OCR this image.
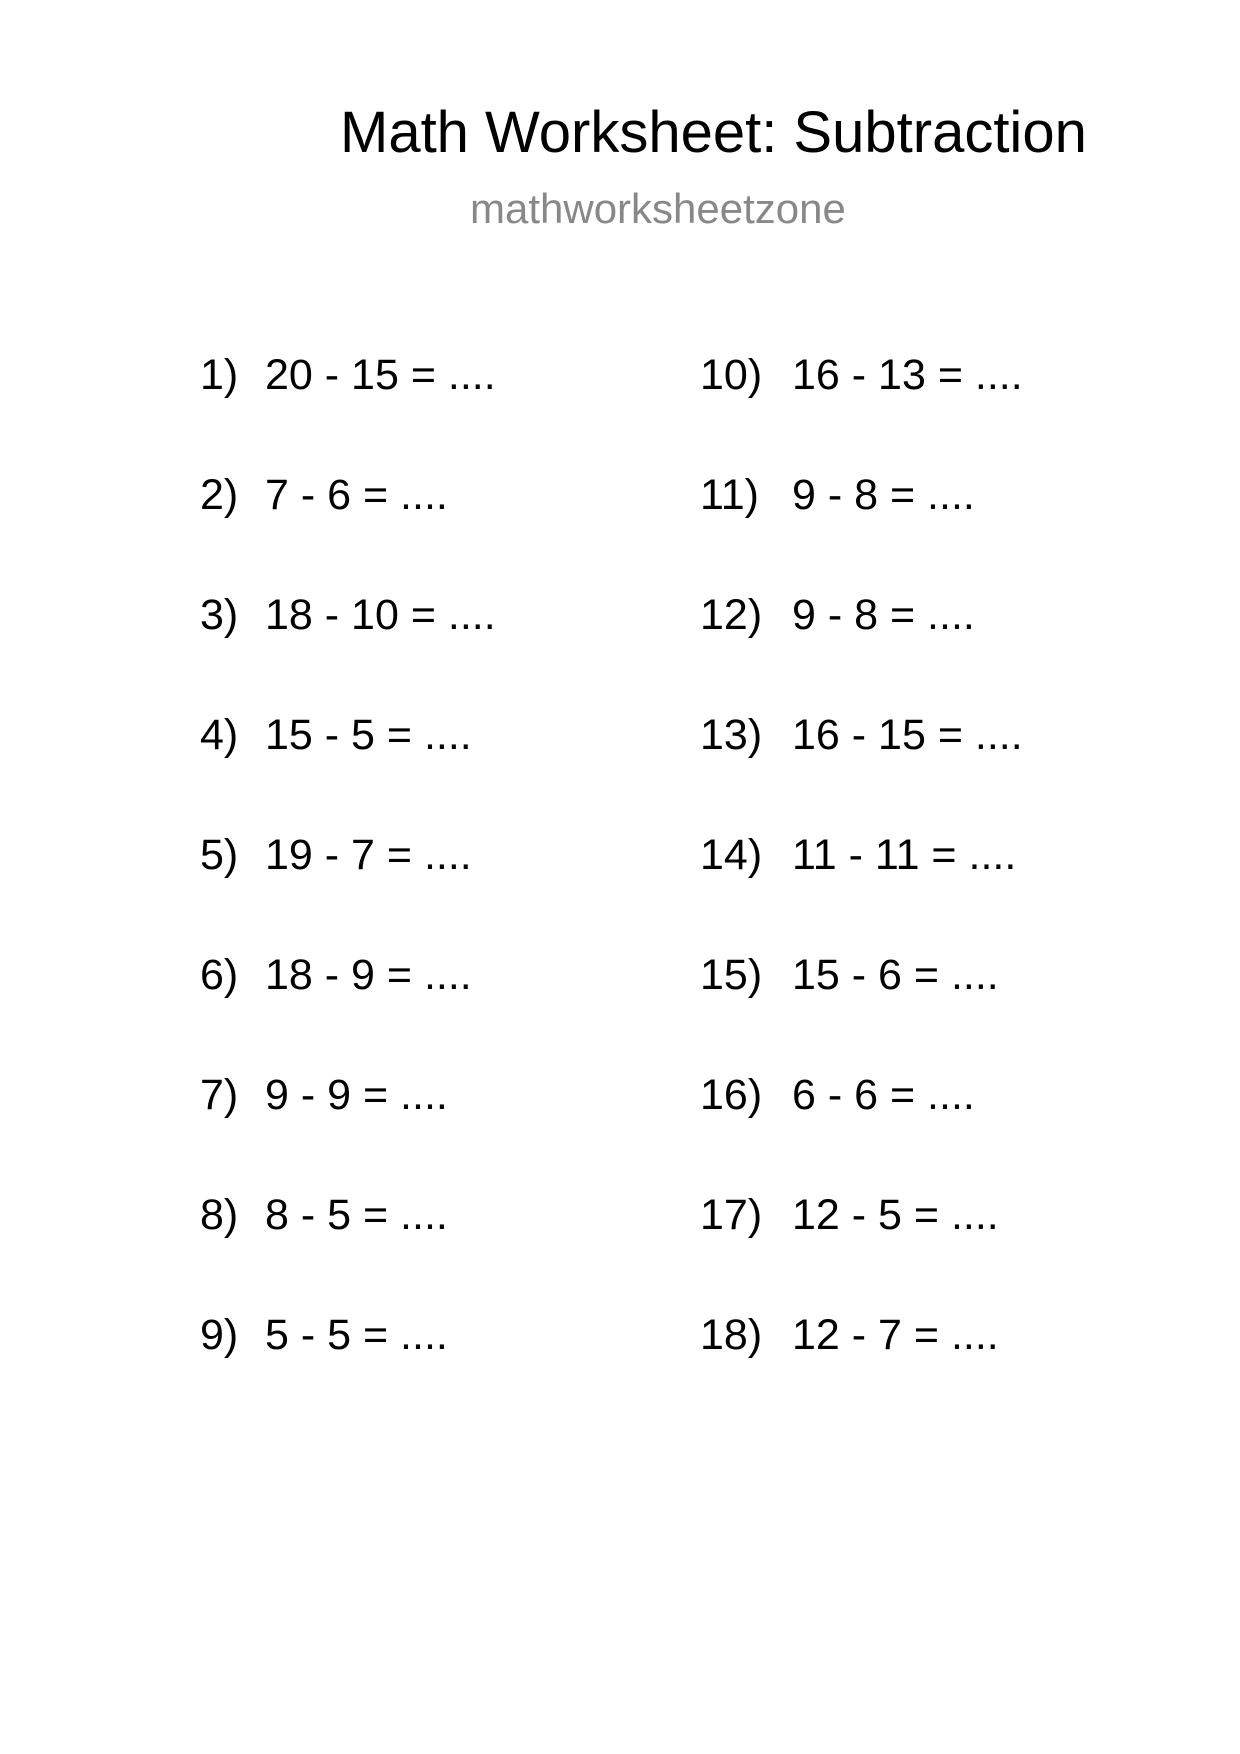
Math Worksheet: Subtraction
mathworksheetzone
1) 20 - 15 = ....
2) 7 - 6 = ....
3) 18 - 10 = ....
4) 15 - 5 = ....
5) 19 - 7 = ....
6) 18 - 9 = ....
7) 9 - 9 = ....
8) 8 - 5 = ....
9) 5 - 5 = ....
10) 16 - 13 = ....
11) 9 - 8 = ....
12) 9 - 8 = ....
13) 16 - 15 = ....
14) 11 - 11 = ....
15) 15 - 6 = ....
16) 6 - 6 = ....
17) 12 - 5 = ....
18) 12 - 7 = ....
